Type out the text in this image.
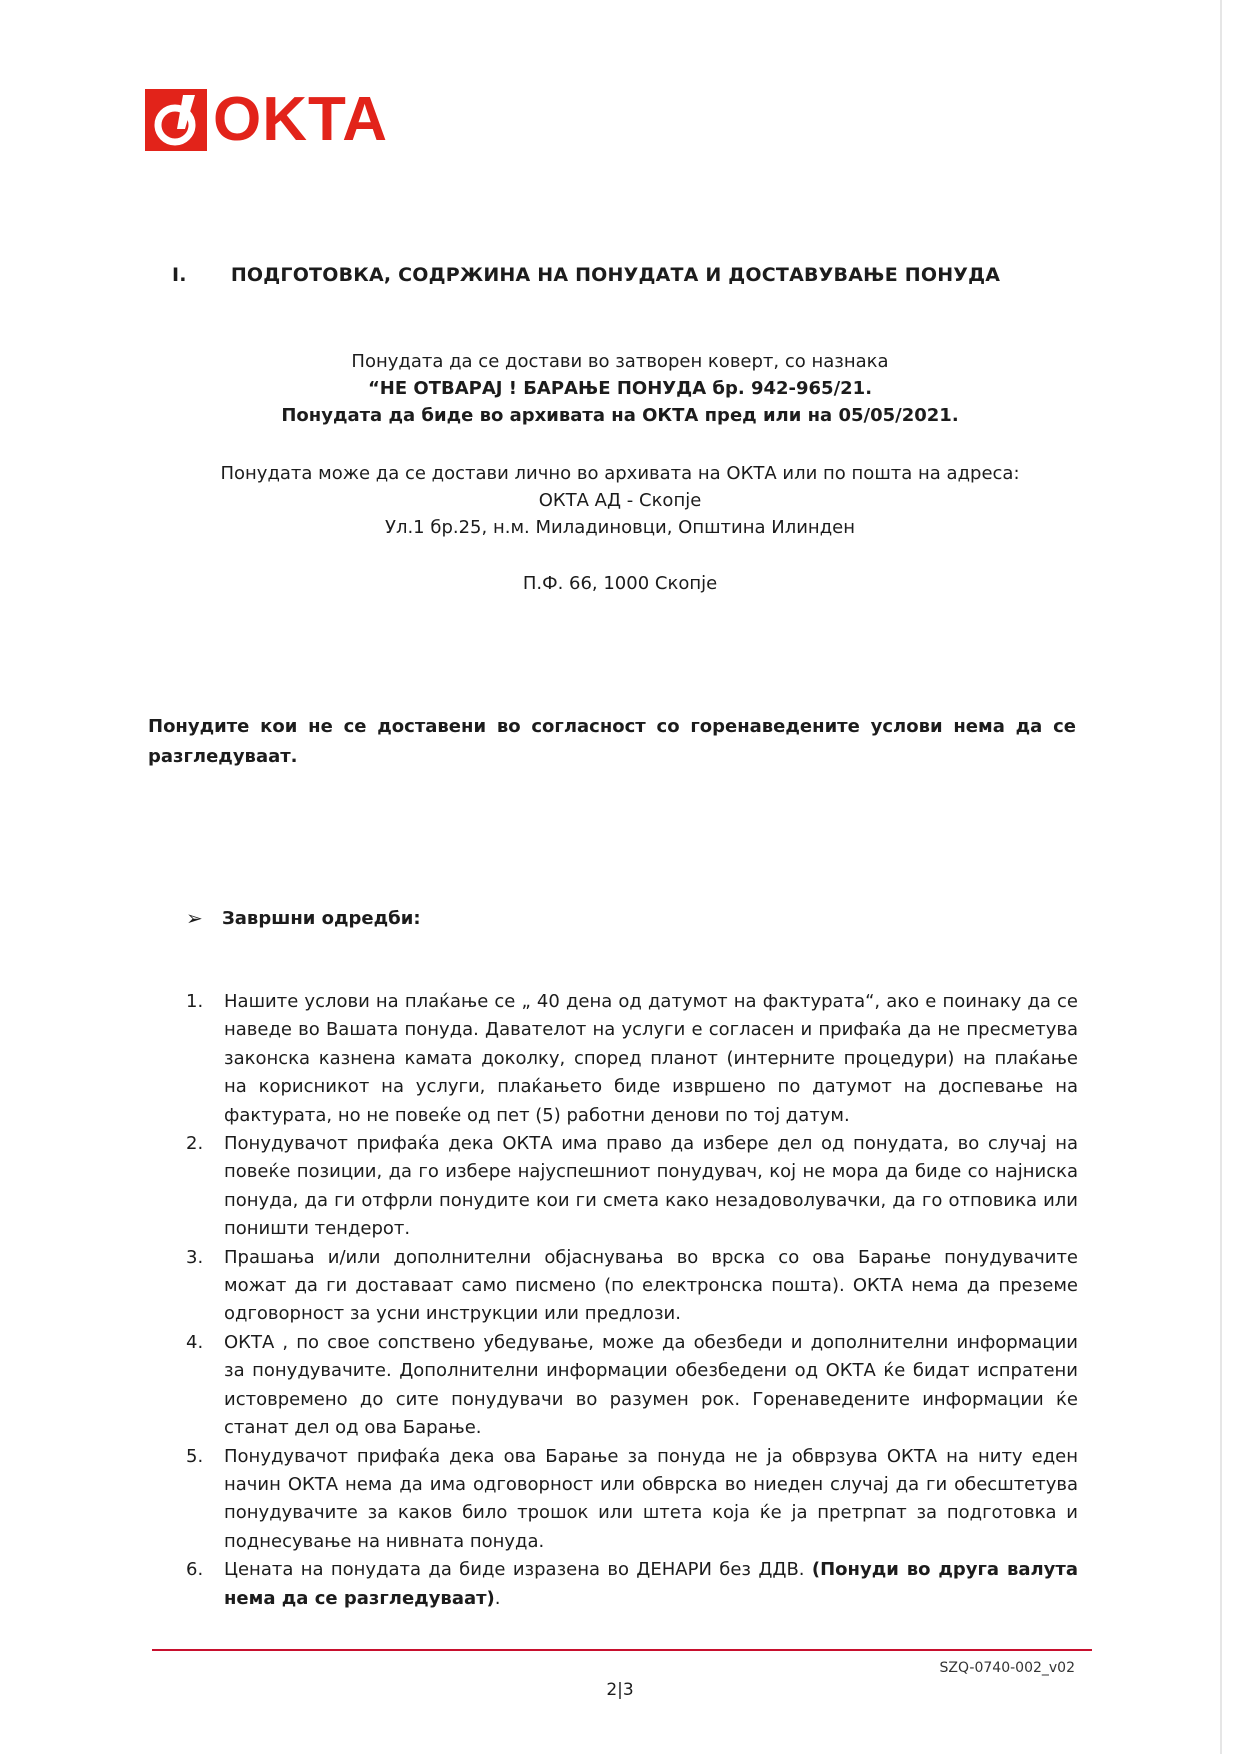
OKTA
I. ПОДГОТОВКА, СОДРЖИНА НА ПОНУДАТА И ДОСТАВУВАЊЕ ПОНУДА
Понудата да се достави во затворен коверт, со назнака
“НЕ ОТВАРАЈ ! БАРАЊЕ ПОНУДА бр. 942-965/21.
Понудата да биде во архивата на ОКТА пред или на 05/05/2021.
Понудата може да се достави лично во архивата на ОКТА или по пошта на адреса:
ОКТА АД - Скопје
Ул.1 бр.25, н.м. Миладиновци, Општина Илинден
П.Ф. 66, 1000 Скопје
Понудите кои не се доставени во согласност со горенаведените услови нема да се разгледуваат.
➢	Завршни одредби:
1.	Нашите услови на плаќање се „ 40 дена од датумот на фактурата“, ако е поинаку да се наведе во Вашата понуда. Давателот на услуги е согласен и прифаќа да не пресметува законска казнена камата доколку, според планот (интерните процедури) на плаќање на корисникот на услуги, плаќањето биде извршено по датумот на доспевање на фактурата, но не повеќе од пет (5) работни денови по тој датум.
2.	Понудувачот прифаќа дека ОКТА има право да избере дел од понудата, во случај на повеќе позиции, да го избере најуспешниот понудувач, кој не мора да биде со најниска понуда, да ги отфрли понудите кои ги смета како незадоволувачки, да го отповика или поништи тендерот.
3.	Прашања и/или дополнителни објаснувања во врска со ова Барање понудувачите можат да ги доставаат само писмено (по електронска пошта). ОКТА нема да преземе одговорност за усни инструкции или предлози.
4.	ОКТА , по свое сопствено убедување, може да обезбеди и дополнителни информации за понудувачите. Дополнителни информации обезбедени од ОКТА ќе бидат испратени истовремено до сите понудувачи во разумен рок. Горенаведените информации ќе станат дел од ова Барање.
5.	Понудувачот прифаќа дека ова Барање за понуда не ја обврзува ОКТА на ниту еден начин ОКТА нема да има одговорност или обврска во ниеден случај да ги обесштетува понудувачите за каков било трошок или штета која ќе ја претрпат за подготовка и поднесување на нивната понуда.
6.	Цената на понудата да биде изразена во ДЕНАРИ без ДДВ. (Понуди во друга валута нема да се разгледуваат).
SZQ-0740-002_v02
2|3
